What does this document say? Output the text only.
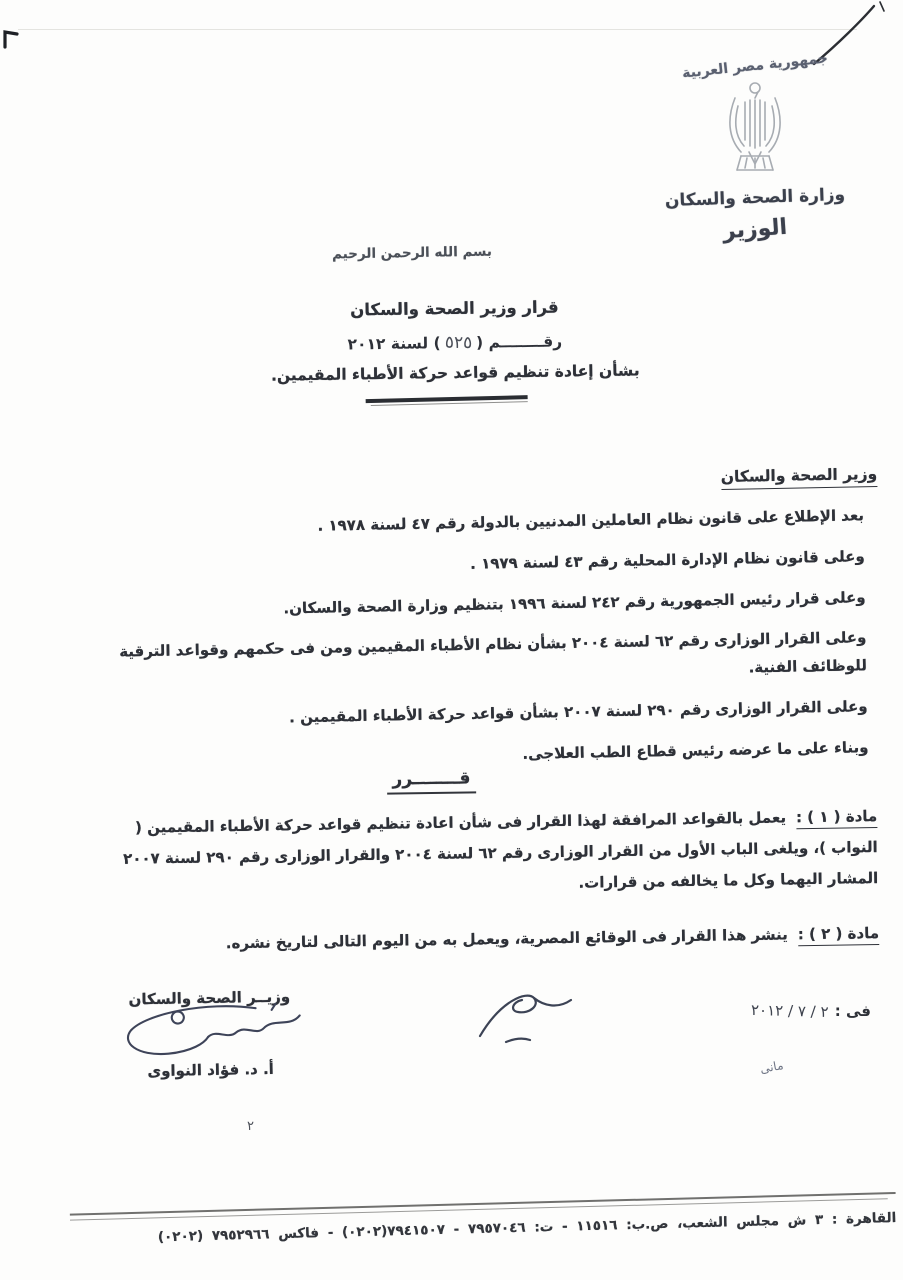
جمهورية مصر العربية
وزارة الصحة والسكان
الوزير
بسم الله الرحمن الرحيم
قرار وزير الصحة والسكان
رقــــــــم (٥٢٥) لسنة ٢٠١٢
بشأن إعادة تنظيم قواعد حركة الأطباء المقيمين.
وزير الصحة والسكان

بعد الإطلاع على قانون نظام العاملين المدنيين بالدولة رقم ٤٧ لسنة ١٩٧٨ .

وعلى قانون نظام الإدارة المحلية رقم ٤٣ لسنة ١٩٧٩ .

وعلى قرار رئيس الجمهورية رقم ٢٤٢ لسنة ١٩٩٦ بتنظيم وزارة الصحة والسكان.

وعلى القرار الوزارى رقم ٦٢ لسنة ٢٠٠٤ بشأن نظام الأطباء المقيمين ومن فى حكمهم وقواعد الترقية للوظائف الفنية.

وعلى القرار الوزارى رقم ٢٩٠ لسنة ٢٠٠٧ بشأن قواعد حركة الأطباء المقيمين .

وبناء على ما عرضه رئيس قطاع الطب العلاجى.

قــــــــرر

مادة ( ١ ) :يعمل بالقواعد المرافقة لهذا القرار فى شأن اعادة تنظيم قواعد حركة الأطباء المقيمين ( النواب )، ويلغى الباب الأول من القرار الوزارى رقم ٦٢ لسنة ٢٠٠٤ والقرار الوزارى رقم ٢٩٠ لسنة ٢٠٠٧ المشار اليهما وكل ما يخالفه من قرارات.

مادة ( ٢ ) :ينشر هذا القرار فى الوقائع المصرية، ويعمل به من اليوم التالى لتاريخ نشره.

فى :٢ / ٧ / ٢٠١٢
وزيــر الصحة والسكان
أ. د. فؤاد النواوى	مانى
٢
القاهرة : ٣ ش مجلس الشعب، ص.ب: ١١٥١٦ - ت: ٧٩٥٧٠٤٦ - ٧٩٤١٥٠٧(٠٢٠٢) - فاكس ٧٩٥٢٩٦٦ (٠٢٠٢)
